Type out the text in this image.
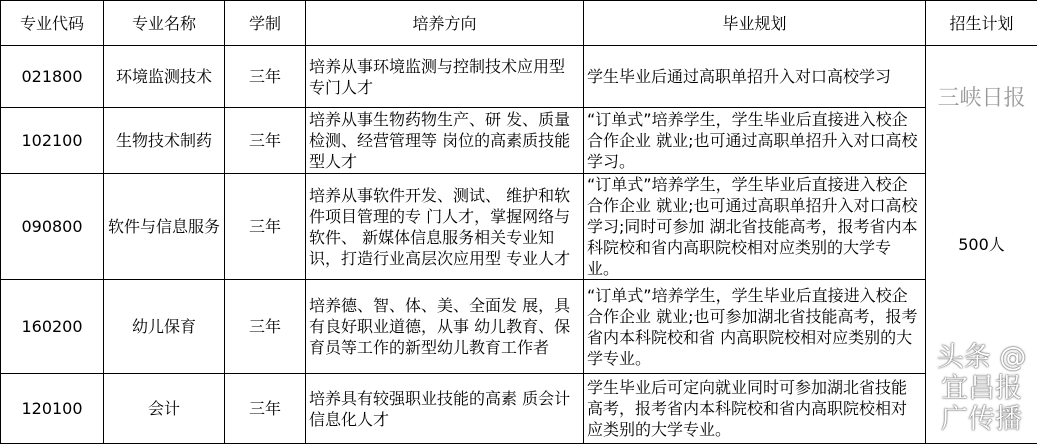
专业代码	专业名称	学制	培养方向	毕业规划	招生计划
021800	环境监测技术	三年	培养从事环境监测与控制技术应用型专门人才	学生毕业后通过高职单招升入对口高校学习	三峡日报
500人
头条 @宜昌报广传播

102100	生物技术制药	三年	培养从事生物药物生产、研 发、质量检测、经营管理等 岗位的高素质技能型人才	“订单式”培养学生，学生毕业后直接进入校企合作企业 就业;也可通过高职单招升入对口高校学习。	
090800	软件与信息服务	三年	培养从事软件开发、测试、 维护和软件项目管理的专 门人才，掌握网络与软件、 新媒体信息服务相关专业知识，打造行业高层次应用型 专业人才	“订单式”培养学生，学生毕业后直接进入校企合作企业 就业;也可通过高职单招升入对口高校学习;同时可参加 湖北省技能高考，报考省内本科院校和省内高职院校相对应类别的大学专业。	
160200	幼儿保育	三年	培养德、智、体、美、全面发 展，具有良好职业道德，从事 幼儿教育、保育员等工作的新型幼儿教育工作者	“订单式”培养学生，学生毕业后直接进入校企合作企业 就业;也可参加湖北省技能高考，报考省内本科院校和省 内高职院校相对应类别的大学专业。	
120100	会计	三年	培养具有较强职业技能的高素 质会计信息化人才	学生毕业后可定向就业同时可参加湖北省技能高考，报考省内本科院校和省内高职院校相对应类别的大学专业。	
